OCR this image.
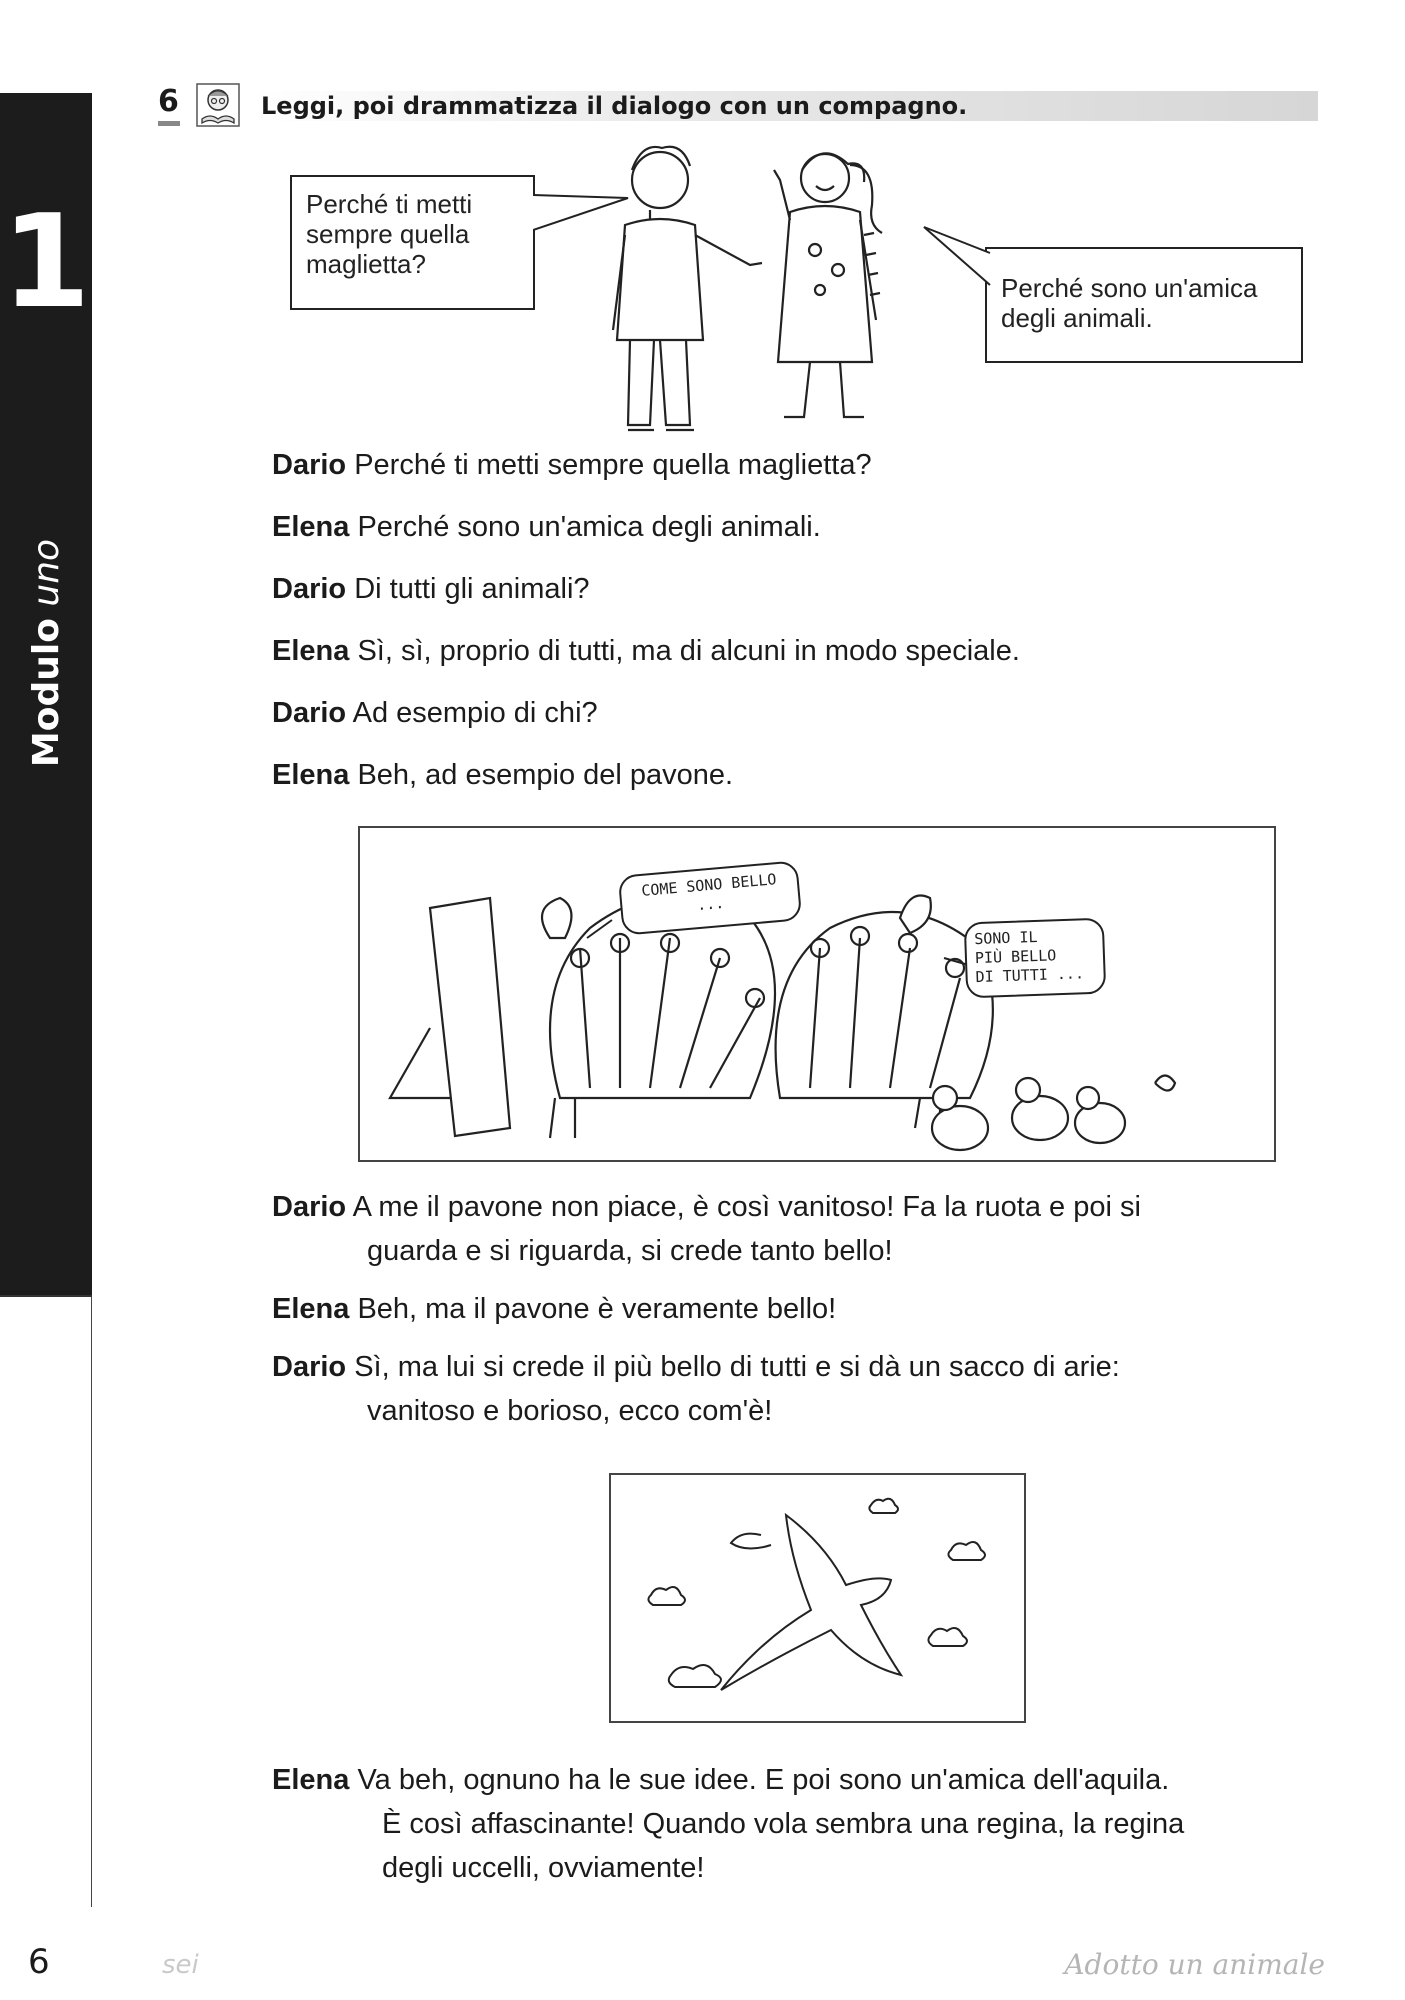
1
Modulo uno
6	Leggi, poi drammatizza il dialogo con un compagno.
Perché ti metti sempre quella maglietta?
Perché sono un'amica degli animali.

Dario Perché ti metti sempre quella maglietta?

Elena Perché sono un'amica degli animali.

Dario Di tutti gli animali?

Elena Sì, sì, proprio di tutti, ma di alcuni in modo speciale.

Dario Ad esempio di chi?

Elena Beh, ad esempio del pavone.

COME SONO BELLO ...
SONO IL
PIÙ BELLO
DI TUTTI ...

Dario A me il pavone non piace, è così vanitoso! Fa la ruota e poi si
guarda e si riguarda, si crede tanto bello!

Elena Beh, ma il pavone è veramente bello!

Dario Sì, ma lui si crede il più bello di tutti e si dà un sacco di arie:
vanitoso e borioso, ecco com'è!

Elena Va beh, ognuno ha le sue idee. E poi sono un'amica dell'aquila.
È così affascinante! Quando vola sembra una regina, la regina
degli uccelli, ovviamente!

6	sei	Adotto un animale
